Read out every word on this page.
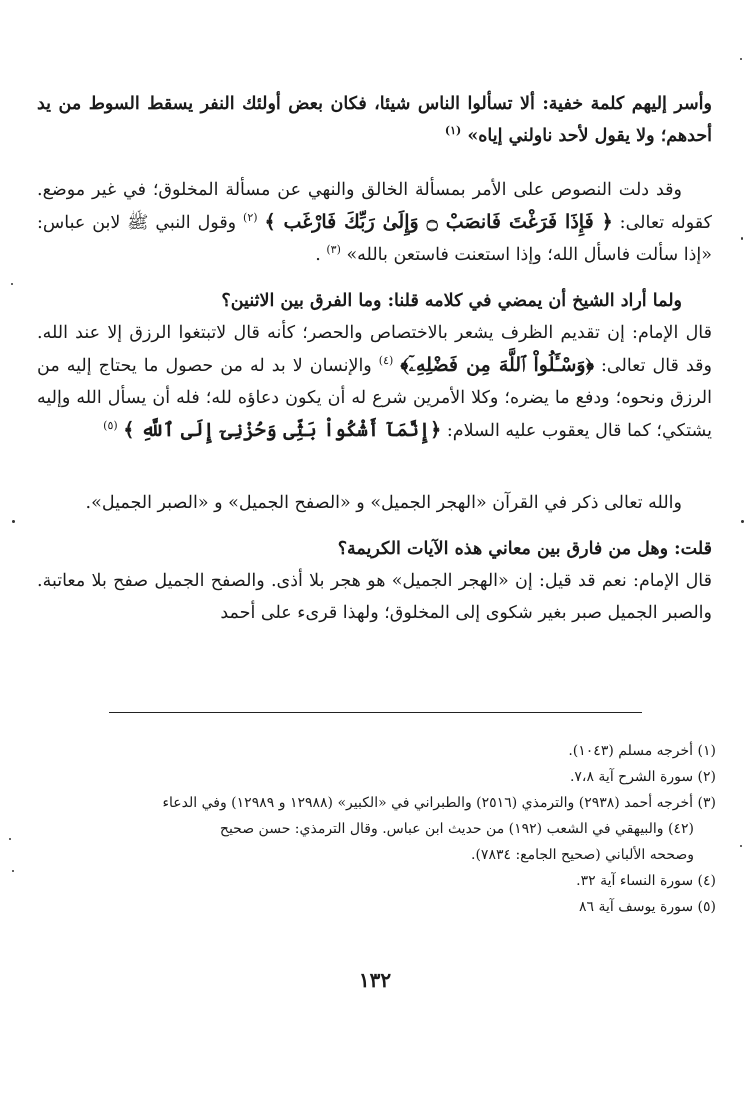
وأسر إليهم كلمة خفية: ألا تسألوا الناس شيئا، فكان بعض أولئك النفر يسقط السوط من يد أحدهم؛ ولا يقول لأحد ناولني إياه» $^{(١)}$

وقد دلت النصوص على الأمر بمسألة الخالق والنهي عن مسألة المخلوق؛ في غير موضع. كقوله تعالى: ﴿ فَإِذَا فَرَغْتَ فَانصَبْ ۝ وَإِلَىٰ رَبِّكَ فَارْغَب ﴾ $^{(٢)}$ وقول النبي ﷺ لابن عباس: «إذا سألت فاسأل الله؛ وإذا استعنت فاستعن بالله» $^{(٣)}$ .

ولما أراد الشيخ أن يمضي في كلامه قلنا: وما الفرق بين الاثنين؟

قال الإمام: إن تقديم الظرف يشعر بالاختصاص والحصر؛ كأنه قال لاتبتغوا الرزق إلا عند الله. وقد قال تعالى: ﴿وَسْـَٔلُواْ ٱللَّهَ مِن فَضْلِهِۦٓ﴾ $^{(٤)}$ والإنسان لا بد له من حصول ما يحتاج إليه من الرزق ونحوه؛ ودفع ما يضره؛ وكلا الأمرين شرع له أن يكون دعاؤه لله؛ فله أن يسأل الله وإليه يشتكي؛ كما قال يعقوب عليه السلام: ﴿إِنَّمَآ أَشْكُواْ بَثِّى وَحُزْنِىٓ إِلَى ٱللَّهِ ﴾ $^{(٥)}$

والله تعالى ذكر في القرآن «الهجر الجميل» و «الصفح الجميل» و «الصبر الجميل».

قلت: وهل من فارق بين معاني هذه الآيات الكريمة؟

قال الإمام: نعم قد قيل: إن «الهجر الجميل» هو هجر بلا أذى. والصفح الجميل صفح بلا معاتبة. والصبر الجميل صبر بغير شكوى إلى المخلوق؛ ولهذا قرىء على أحمد

(١) أخرجه مسلم (١٠٤٣).

(٢) سورة الشرح آية ٧،٨.

(٣) أخرجه أحمد (٢٩٣٨) والترمذي (٢٥١٦) والطبراني في «الكبير» (١٢٩٨٨ و ١٢٩٨٩) وفي الدعاء

(٤٢) والبيهقي في الشعب (١٩٢) من حديث ابن عباس. وقال الترمذي: حسن صحيح

وصححه الألباني (صحيح الجامع: ٧٨٣٤).

(٤) سورة النساء آية ٣٢.

(٥) سورة يوسف آية ٨٦

١٣٢
